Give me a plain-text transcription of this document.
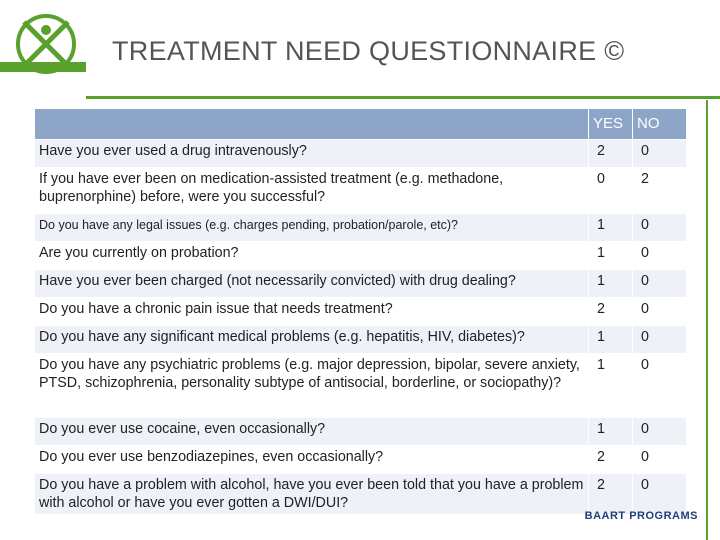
TREATMENT NEED QUESTIONNAIRE ©
	YES	NO
Have you ever used a drug intravenously?	2	0
If you have ever been on medication-assisted treatment (e.g. methadone, buprenorphine) before, were you successful?	0	2
Do you have any legal issues (e.g. charges pending, probation/parole, etc)?	1	0
Are you currently on probation?	1	0
Have you ever been charged (not necessarily convicted) with drug dealing?	1	0
Do you have a chronic pain issue that needs treatment?	2	0
Do you have any significant medical problems (e.g. hepatitis, HIV, diabetes)?	1	0
Do you have any psychiatric problems (e.g. major depression, bipolar, severe anxiety, PTSD, schizophrenia, personality subtype of antisocial, borderline, or sociopathy)?	1	0
Do you ever use cocaine, even occasionally?	1	0
Do you ever use benzodiazepines, even occasionally?	2	0
Do you have a problem with alcohol, have you ever been told that you have a problem with alcohol or have you ever gotten a DWI/DUI?	2	0
BAART PROGRAMS
